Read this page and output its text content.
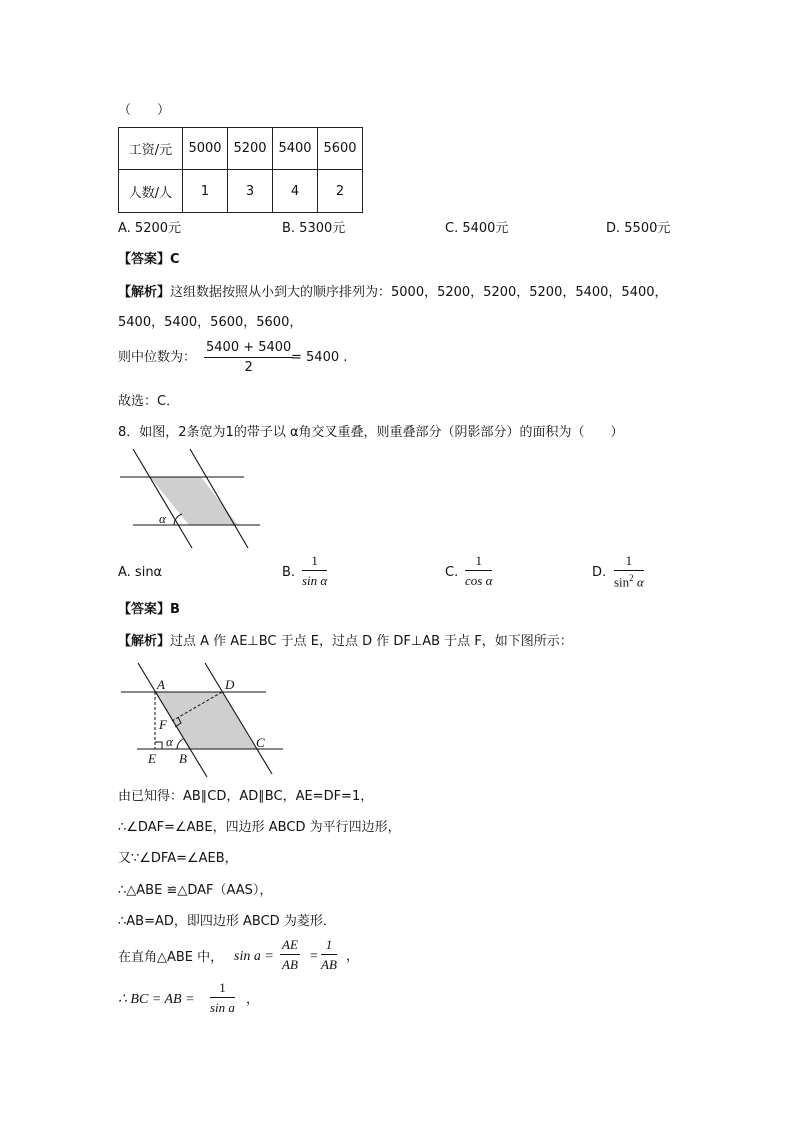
（　　）
工资/元	5000	5200	5400	5600
人数/人	1	3	4	2
A. 5200元	B. 5300元	C. 5400元	D. 5500元
【答案】C
【解析】这组数据按照从小到大的顺序排列为：5000，5200，5200，5200，5400，5400，
5400，5400，5600，5600，
则中位数为： $\frac{5400 + 5400}{2}$
= 5400 .
故选：C．
8．如图，2条宽为1的带子以 α角交叉重叠，则重叠部分（阴影部分）的面积为（　　）
α
A. sinα	B. $\frac{1}{\text{sin α}}$	C. $\frac{1}{\text{cos α}}$	D. $\frac{1}{\sin^2 \alpha}$
【答案】B
【解析】过点 A 作 AE⊥BC 于点 E，过点 D 作 DF⊥AB 于点 F，如下图所示：
A	D
F
α	C
E B
由已知得：AB∥CD，AD∥BC，AE=DF=1，
∴∠DAF=∠ABE，四边形 ABCD 为平行四边形，
又∵∠DFA=∠AEB，
∴△ABE ≌△DAF（AAS），
∴AB=AD，即四边形 ABCD 为菱形．
在直角△ABE 中， $\sin a = \frac{AE}{AB} = \frac{1}{AB}$ ，
∴ BC = AB = $\frac{1}{\text{sin a}}$ ，
